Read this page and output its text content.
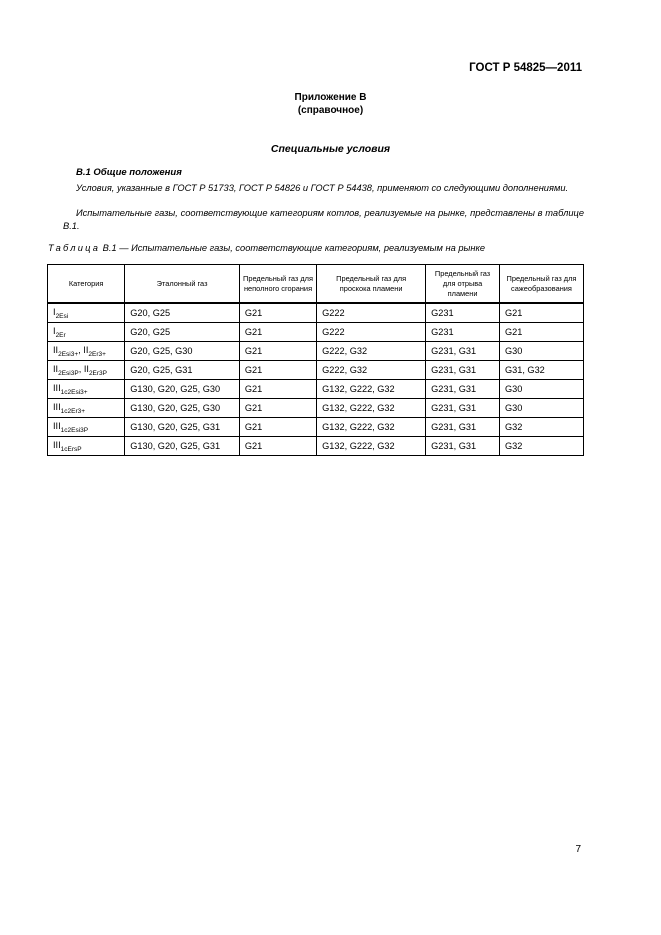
ГОСТ Р 54825—2011
Приложение В
(справочное)
Специальные условия
В.1 Общие положения
Условия, указанные в ГОСТ Р 51733, ГОСТ Р 54826 и ГОСТ Р 54438, применяют со следующими дополнениями.
Испытательные газы, соответствующие категориям котлов, реализуемые на рынке, представлены в таблице В.1.
Таблица В.1 — Испытательные газы, соответствующие категориям, реализуемым на рынке
Категория	Эталонный газ	Предельный газ для неполного сгорания	Предельный газ для проскока пламени	Предельный газ для отрыва пламени	Предельный газ для сажеобразования
$I_{2Esi}$	G20, G25	G21	G222	G231	G21
$I_{2Er}$	G20, G25	G21	G222	G231	G21
$II_{2Esi3+}$, $II_{2Er3+}$	G20, G25, G30	G21	G222, G32	G231, G31	G30
$II_{2Esi3P}$, $II_{2Er3P}$	G20, G25, G31	G21	G222, G32	G231, G31	G31, G32
$III_{1c2Esi3+}$	G130, G20, G25, G30	G21	G132, G222, G32	G231, G31	G30
$III_{1c2Er3+}$	G130, G20, G25, G30	G21	G132, G222, G32	G231, G31	G30
$III_{1c2Esi3P}$	G130, G20, G25, G31	G21	G132, G222, G32	G231, G31	G32
$III_{1cErsP}$	G130, G20, G25, G31	G21	G132, G222, G32	G231, G31	G32
7
